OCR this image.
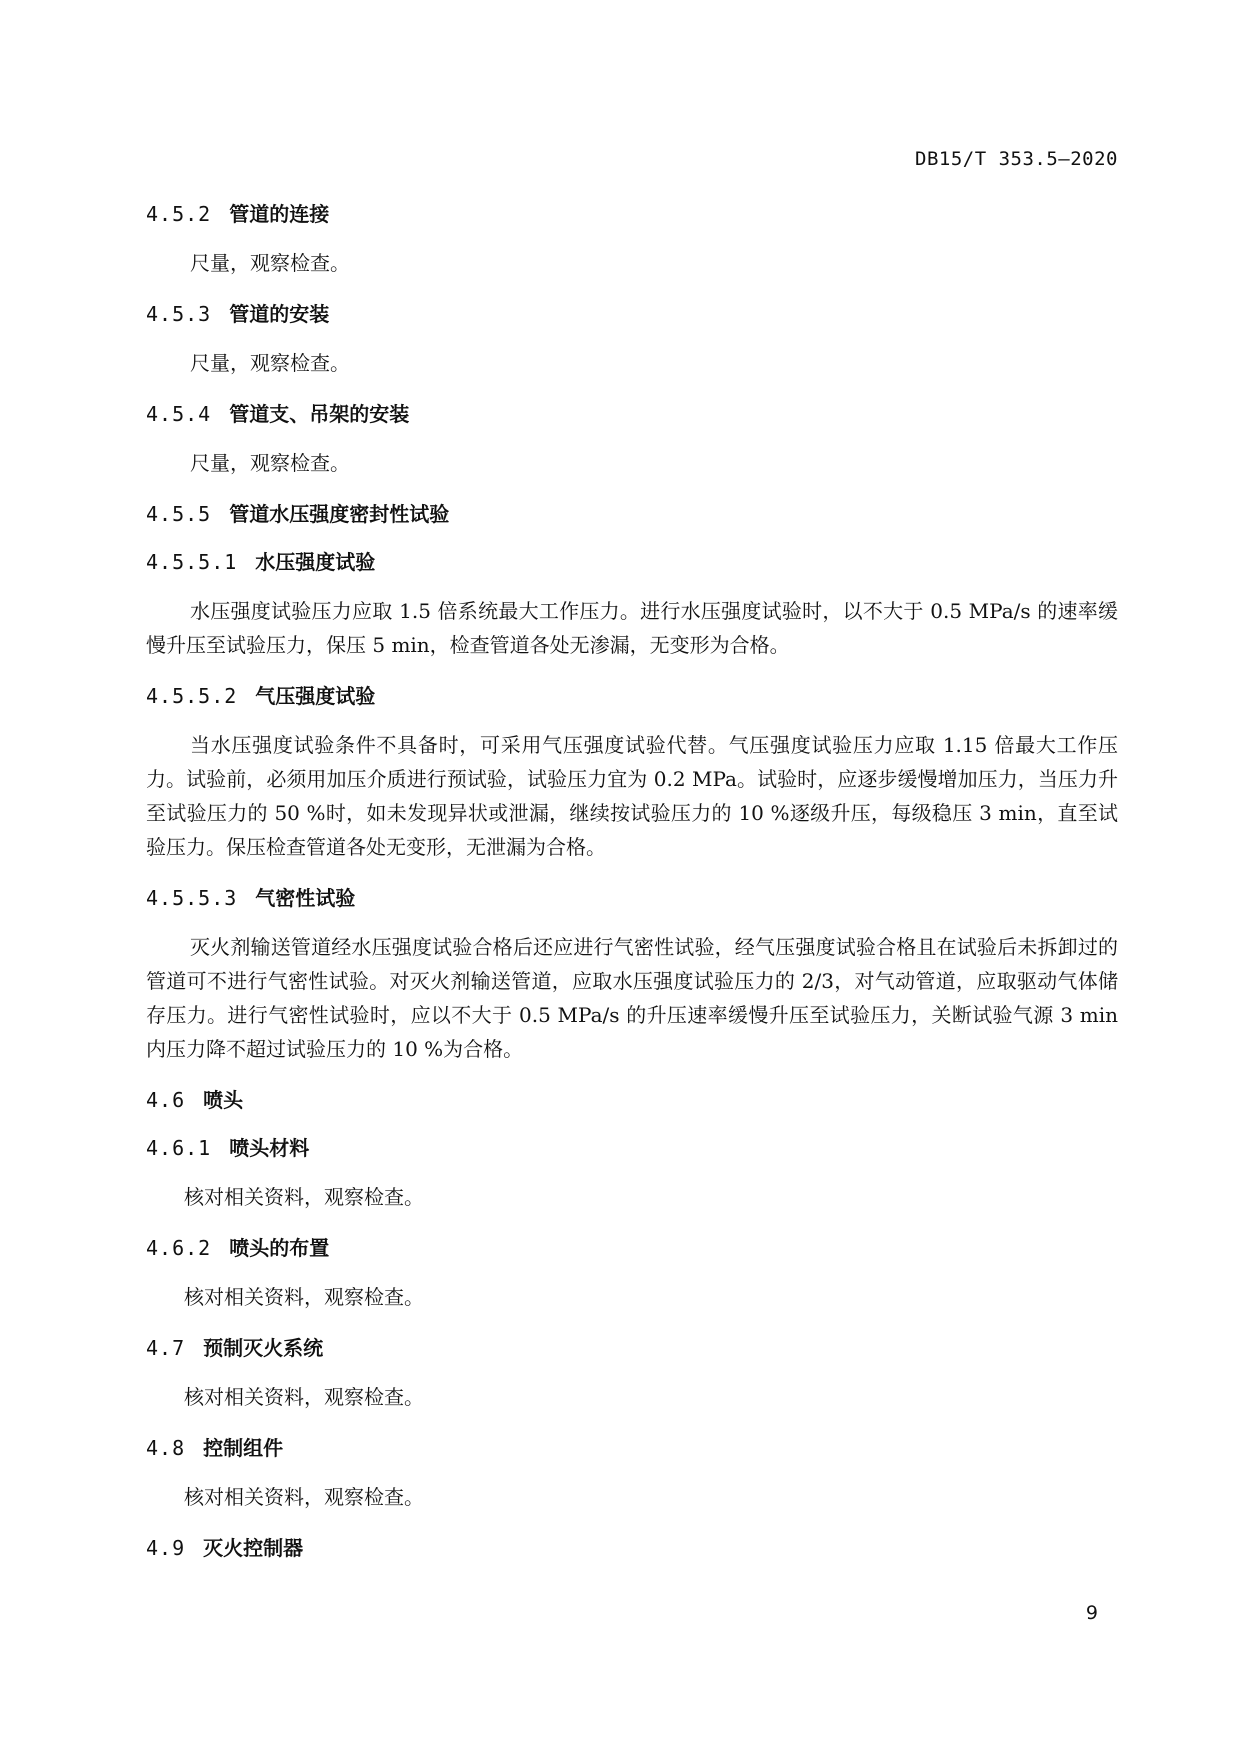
DB15/T 353.5—2020
4.5.2 管道的连接

尺量，观察检查。

4.5.3 管道的安装

尺量，观察检查。

4.5.4 管道支、吊架的安装

尺量，观察检查。

4.5.5 管道水压强度密封性试验
4.5.5.1 水压强度试验

水压强度试验压力应取 1.5 倍系统最大工作压力。进行水压强度试验时，以不大于 0.5 MPa/s 的速率缓慢升压至试验压力，保压 5 min，检查管道各处无渗漏，无变形为合格。

4.5.5.2 气压强度试验

当水压强度试验条件不具备时，可采用气压强度试验代替。气压强度试验压力应取 1.15 倍最大工作压力。试验前，必须用加压介质进行预试验，试验压力宜为 0.2 MPa。试验时，应逐步缓慢增加压力，当压力升至试验压力的 50 %时，如未发现异状或泄漏，继续按试验压力的 10 %逐级升压，每级稳压 3 min，直至试验压力。保压检查管道各处无变形，无泄漏为合格。

4.5.5.3 气密性试验

灭火剂输送管道经水压强度试验合格后还应进行气密性试验，经气压强度试验合格且在试验后未拆卸过的管道可不进行气密性试验。对灭火剂输送管道，应取水压强度试验压力的 2/3，对气动管道，应取驱动气体储存压力。进行气密性试验时，应以不大于 0.5 MPa/s 的升压速率缓慢升压至试验压力，关断试验气源 3 min 内压力降不超过试验压力的 10 %为合格。

4.6 喷头
4.6.1 喷头材料

核对相关资料，观察检查。

4.6.2 喷头的布置

核对相关资料，观察检查。

4.7 预制灭火系统

核对相关资料，观察检查。

4.8 控制组件

核对相关资料，观察检查。

4.9 灭火控制器
9
